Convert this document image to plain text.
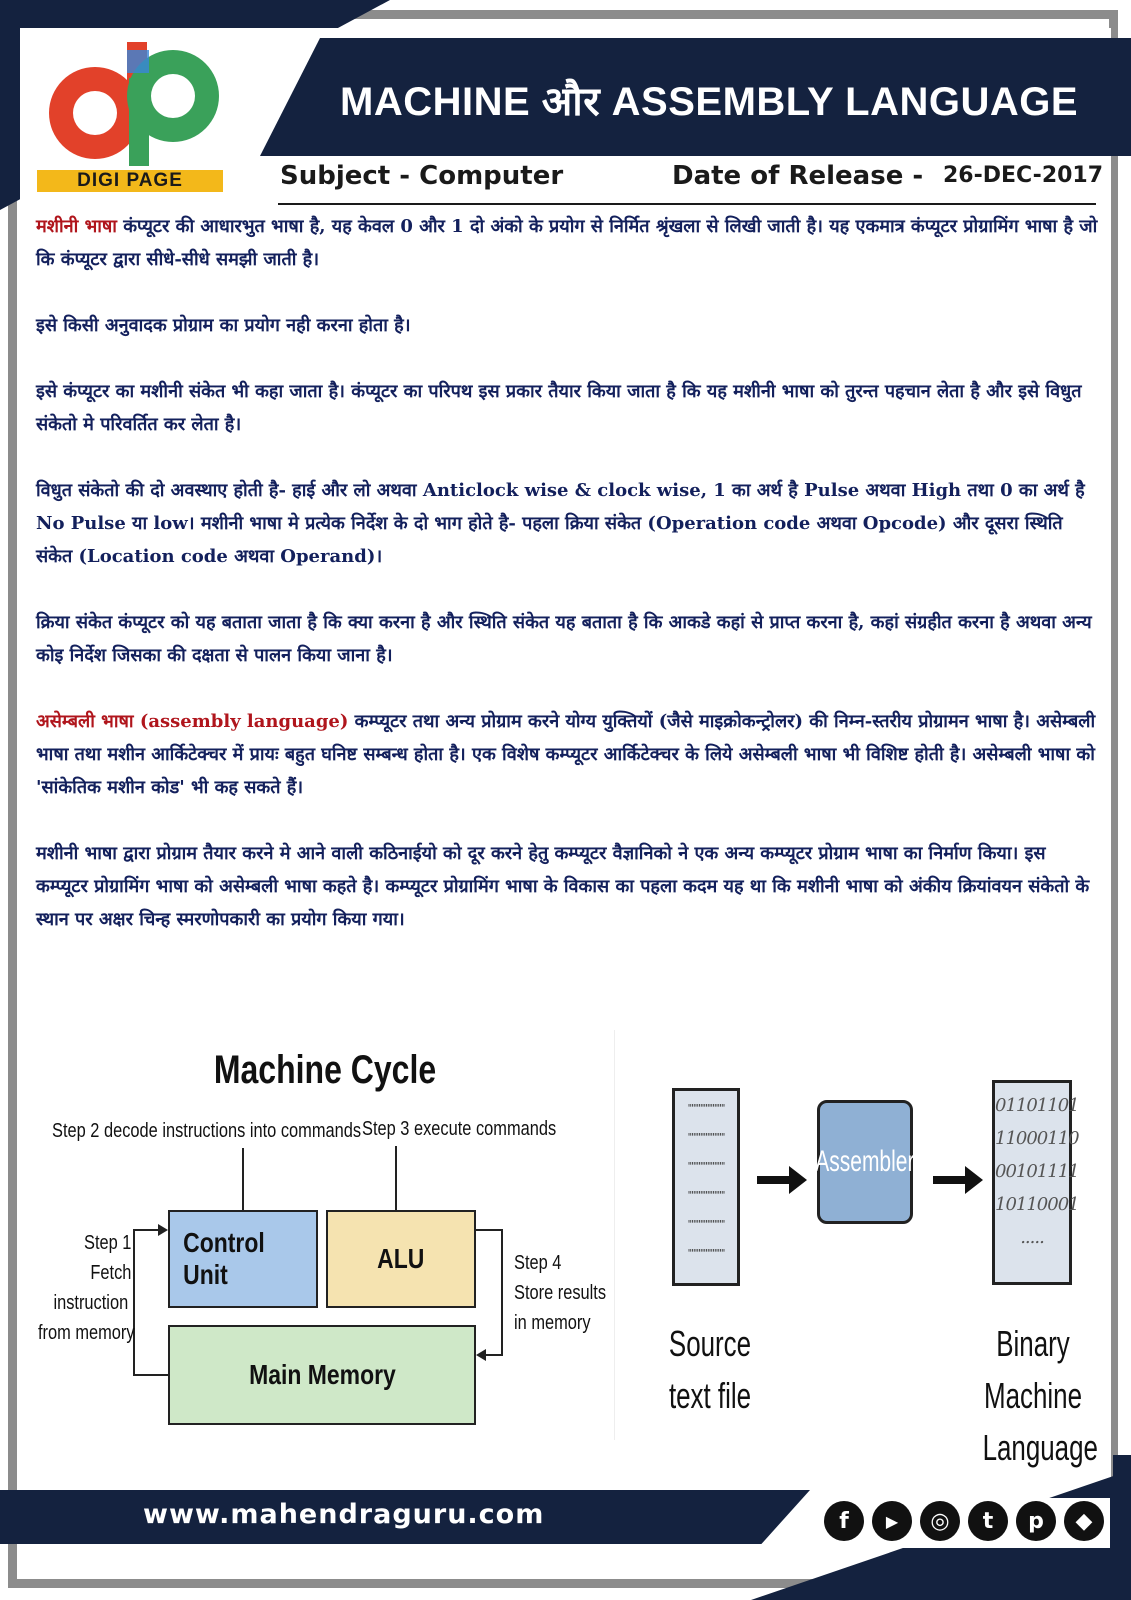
MACHINE और ASSEMBLY LANGUAGE
DIGI PAGE	Subject - Computer	Date of Release - 26-DEC-2017

मशीनी भाषा कंप्यूटर की आधारभुत भाषा है, यह केवल 0 और 1 दो अंको के प्रयोग से निर्मित श्रृंखला से लिखी जाती है। यह एकमात्र कंप्यूटर प्रोग्रामिंग भाषा है जो कि कंप्यूटर द्वारा सीधे-सीधे समझी जाती है।

इसे किसी अनुवादक प्रोग्राम का प्रयोग नही करना होता है।

इसे कंप्यूटर का मशीनी संकेत भी कहा जाता है। कंप्यूटर का परिपथ इस प्रकार तैयार किया जाता है कि यह मशीनी भाषा को तुरन्त पहचान लेता है और इसे विधुत संकेतो मे परिवर्तित कर लेता है।

विधुत संकेतो की दो अवस्थाए होती है- हाई और लो अथवा Anticlock wise & clock wise, 1 का अर्थ है Pulse अथवा High तथा 0 का अर्थ है No Pulse या low। मशीनी भाषा मे प्रत्येक निर्देश के दो भाग होते है- पहला क्रिया संकेत (Operation code अथवा Opcode) और दूसरा स्थिति संकेत (Location code अथवा Operand)।

क्रिया संकेत कंप्यूटर को यह बताता जाता है कि क्या करना है और स्थिति संकेत यह बताता है कि आकडे कहां से प्राप्त करना है, कहां संग्रहीत करना है अथवा अन्य कोइ निर्देश जिसका की दक्षता से पालन किया जाना है।

असेम्बली भाषा (assembly language) कम्प्यूटर तथा अन्य प्रोग्राम करने योग्य युक्तियों (जैसे माइक्रोकन्ट्रोलर) की निम्न-स्तरीय प्रोग्रामन भाषा है। असेम्बली भाषा तथा मशीन आर्किटेक्चर में प्रायः बहुत घनिष्ट सम्बन्ध होता है। एक विशेष कम्प्यूटर आर्किटेक्चर के लिये असेम्बली भाषा भी विशिष्ट होती है। असेम्बली भाषा को 'सांकेतिक मशीन कोड' भी कह सकते हैं।

मशीनी भाषा द्वारा प्रोग्राम तैयार करने मे आने वाली कठिनाईयो को दूर करने हेतु कम्प्यूटर वैज्ञानिको ने एक अन्य कम्प्यूटर प्रोग्राम भाषा का निर्माण किया। इस कम्प्यूटर प्रोग्रामिंग भाषा को असेम्बली भाषा कहते है। कम्प्यूटर प्रोग्रामिंग भाषा के विकास का पहला कदम यह था कि मशीनी भाषा को अंकीय क्रियांवयन संकेतो के स्थान पर अक्षर चिन्ह स्मरणोपकारी का प्रयोग किया गया।

Machine Cycle
Step 2 decode instructions into commands Step 3 execute commands
Step 1
Fetch
instruction
from memory
Step 4
Store results
in memory
Control Unit
ALU
Main Memory
'''''''''''''''''''''
'''''''''''''''''''''
'''''''''''''''''''''
'''''''''''''''''''''
'''''''''''''''''''''
'''''''''''''''''''''
Assembler
01101101
11000110
00101111
10110001
.....
Source
text file
Binary
Machine
Language
www.mahendraguru.com	f	▶	◎	t	p	◆
